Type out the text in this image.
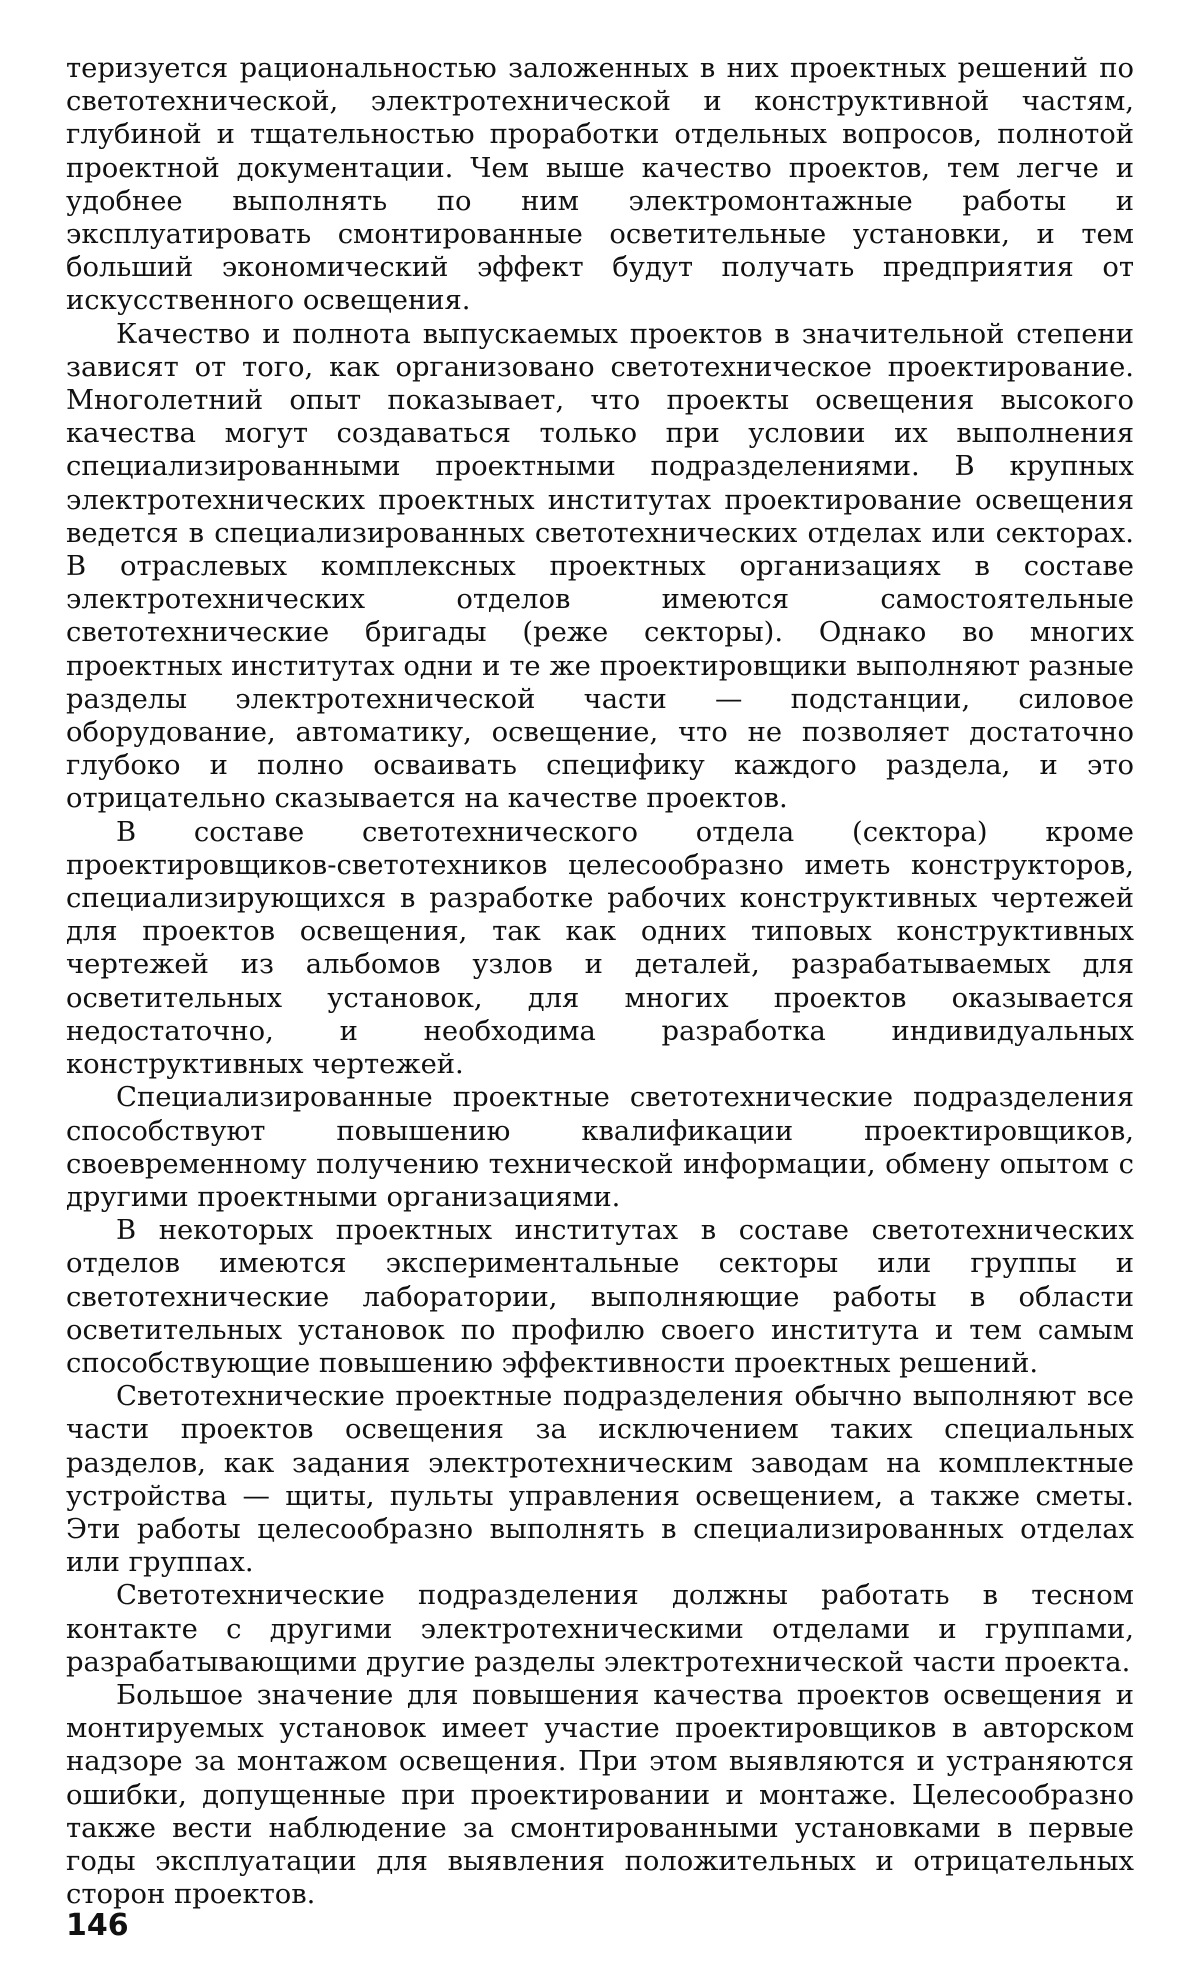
теризуется рациональностью заложенных в них проектных решений по светотехнической, электротехнической и конструктивной частям, глубиной и тщательностью проработки отдельных вопросов, полнотой проектной документации. Чем выше качество проектов, тем легче и удобнее выполнять по ним электромонтажные работы и эксплуатировать смонтированные осветительные установки, и тем больший экономический эффект будут получать предприятия от искусственного освещения.

Качество и полнота выпускаемых проектов в значительной степени зависят от того, как организовано светотехническое проектирование. Многолетний опыт показывает, что проекты освещения высокого качества могут создаваться только при условии их выполнения специализированными проектными подразделениями. В крупных электротехнических проектных институтах проектирование освещения ведется в специализированных светотехнических отделах или секторах. В отраслевых комплексных проектных организациях в составе электротехнических отделов имеются самостоятельные светотехнические бригады (реже секторы). Однако во многих проектных институтах одни и те же проектировщики выполняют разные разделы электротехнической части — подстанции, силовое оборудование, автоматику, освещение, что не позволяет достаточно глубоко и полно осваивать специфику каждого раздела, и это отрицательно сказывается на качестве проектов.

В составе светотехнического отдела (сектора) кроме проектировщиков-светотехников целесообразно иметь конструкторов, специализирующихся в разработке рабочих конструктивных чертежей для проектов освещения, так как одних типовых конструктивных чертежей из альбомов узлов и деталей, разрабатываемых для осветительных установок, для многих проектов оказывается недостаточно, и необходима разработка индивидуальных конструктивных чертежей.

Специализированные проектные светотехнические подразделения способствуют повышению квалификации проектировщиков, своевременному получению технической информации, обмену опытом с другими проектными организациями.

В некоторых проектных институтах в составе светотехнических отделов имеются экспериментальные секторы или группы и светотехнические лаборатории, выполняющие работы в области осветительных установок по профилю своего института и тем самым способствующие повышению эффективности проектных решений.

Светотехнические проектные подразделения обычно выполняют все части проектов освещения за исключением таких специальных разделов, как задания электротехническим заводам на комплектные устройства — щиты, пульты управления освещением, а также сметы. Эти работы целесообразно выполнять в специализированных отделах или группах.

Светотехнические подразделения должны работать в тесном контакте с другими электротехническими отделами и группами, разрабатывающими другие разделы электротехнической части проекта.

Большое значение для повышения качества проектов освещения и монтируемых установок имеет участие проектировщиков в авторском надзоре за монтажом освещения. При этом выявляются и устраняются ошибки, допущенные при проектировании и монтаже. Целесообразно также вести наблюдение за смонтированными установками в первые годы эксплуатации для выявления положительных и отрицательных сторон проектов.

146
